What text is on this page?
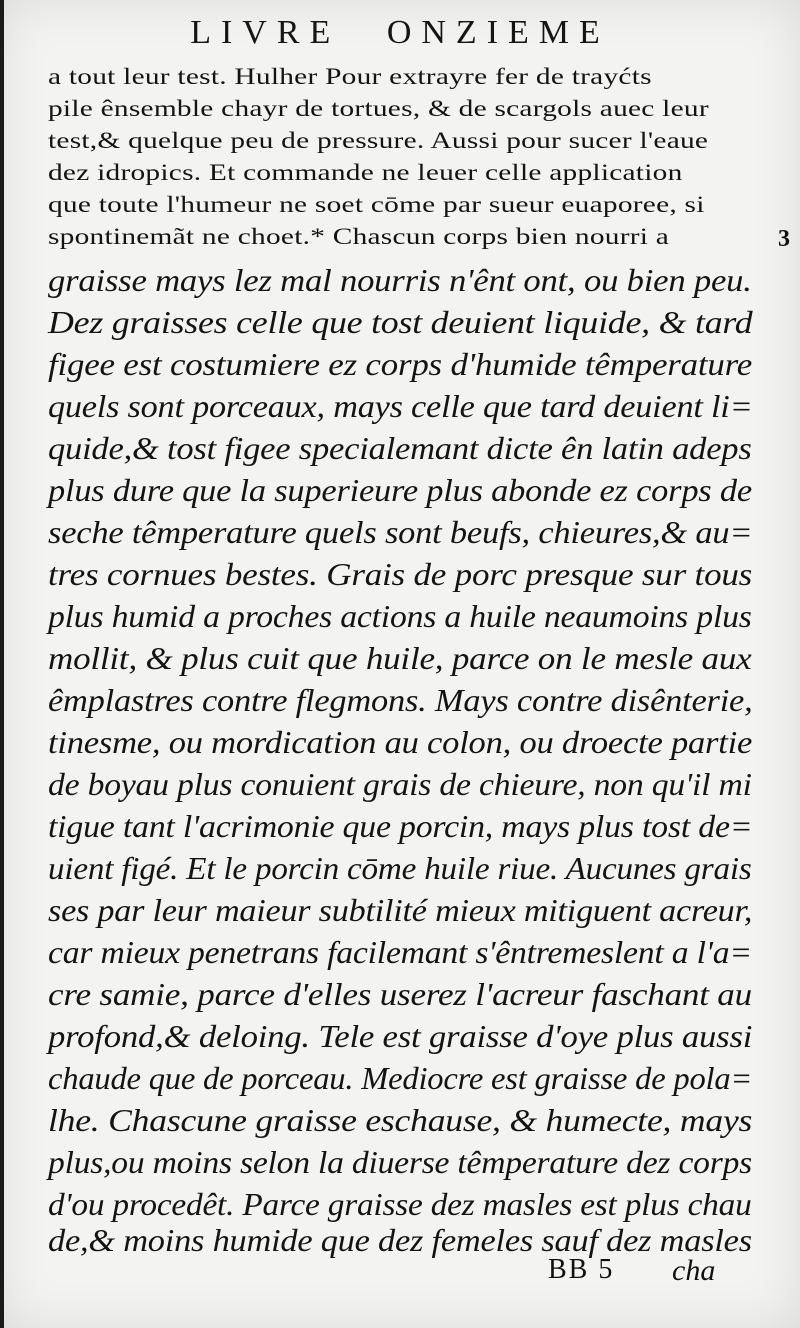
LIVRE ONZIEME
a tout leur test. Hulher Pour extrayre fer de trayćts
pile ênsemble chayr de tortues, & de scargols auec leur
test,& quelque peu de pressure. Aussi pour sucer l'eaue
dez idropics. Et commande ne leuer celle application
que toute l'humeur ne soet cōme par sueur euaporee, si
spontinemãt ne choet.* Chascun corps bien nourri a
graisse mays lez mal nourris n'ênt ont, ou bien peu.
Dez graisses celle que tost deuient liquide, & tard
figee est costumiere ez corps d'humide têmperature
quels sont porceaux, mays celle que tard deuient li=
quide,& tost figee specialemant dicte ên latin adeps
plus dure que la superieure plus abonde ez corps de
seche têmperature quels sont beufs, chieures,& au=
tres cornues bestes. Grais de porc presque sur tous
plus humid a proches actions a huile neaumoins plus
mollit, & plus cuit que huile, parce on le mesle aux
êmplastres contre flegmons. Mays contre disênterie,
tinesme, ou mordication au colon, ou droecte partie
de boyau plus conuient grais de chieure, non qu'il mi
tigue tant l'acrimonie que porcin, mays plus tost de=
uient figé. Et le porcin cōme huile riue. Aucunes grais
ses par leur maieur subtilité mieux mitiguent acreur,
car mieux penetrans facilemant s'êntremeslent a l'a=
cre samie, parce d'elles userez l'acreur faschant au
profond,& deloing. Tele est graisse d'oye plus aussi
chaude que de porceau. Mediocre est graisse de pola=
lhe. Chascune graisse eschause, & humecte, mays
plus,ou moins selon la diuerse têmperature dez corps
d'ou procedêt. Parce graisse dez masles est plus chau
de,& moins humide que dez femeles sauf dez masles
3
BB 5 cha
